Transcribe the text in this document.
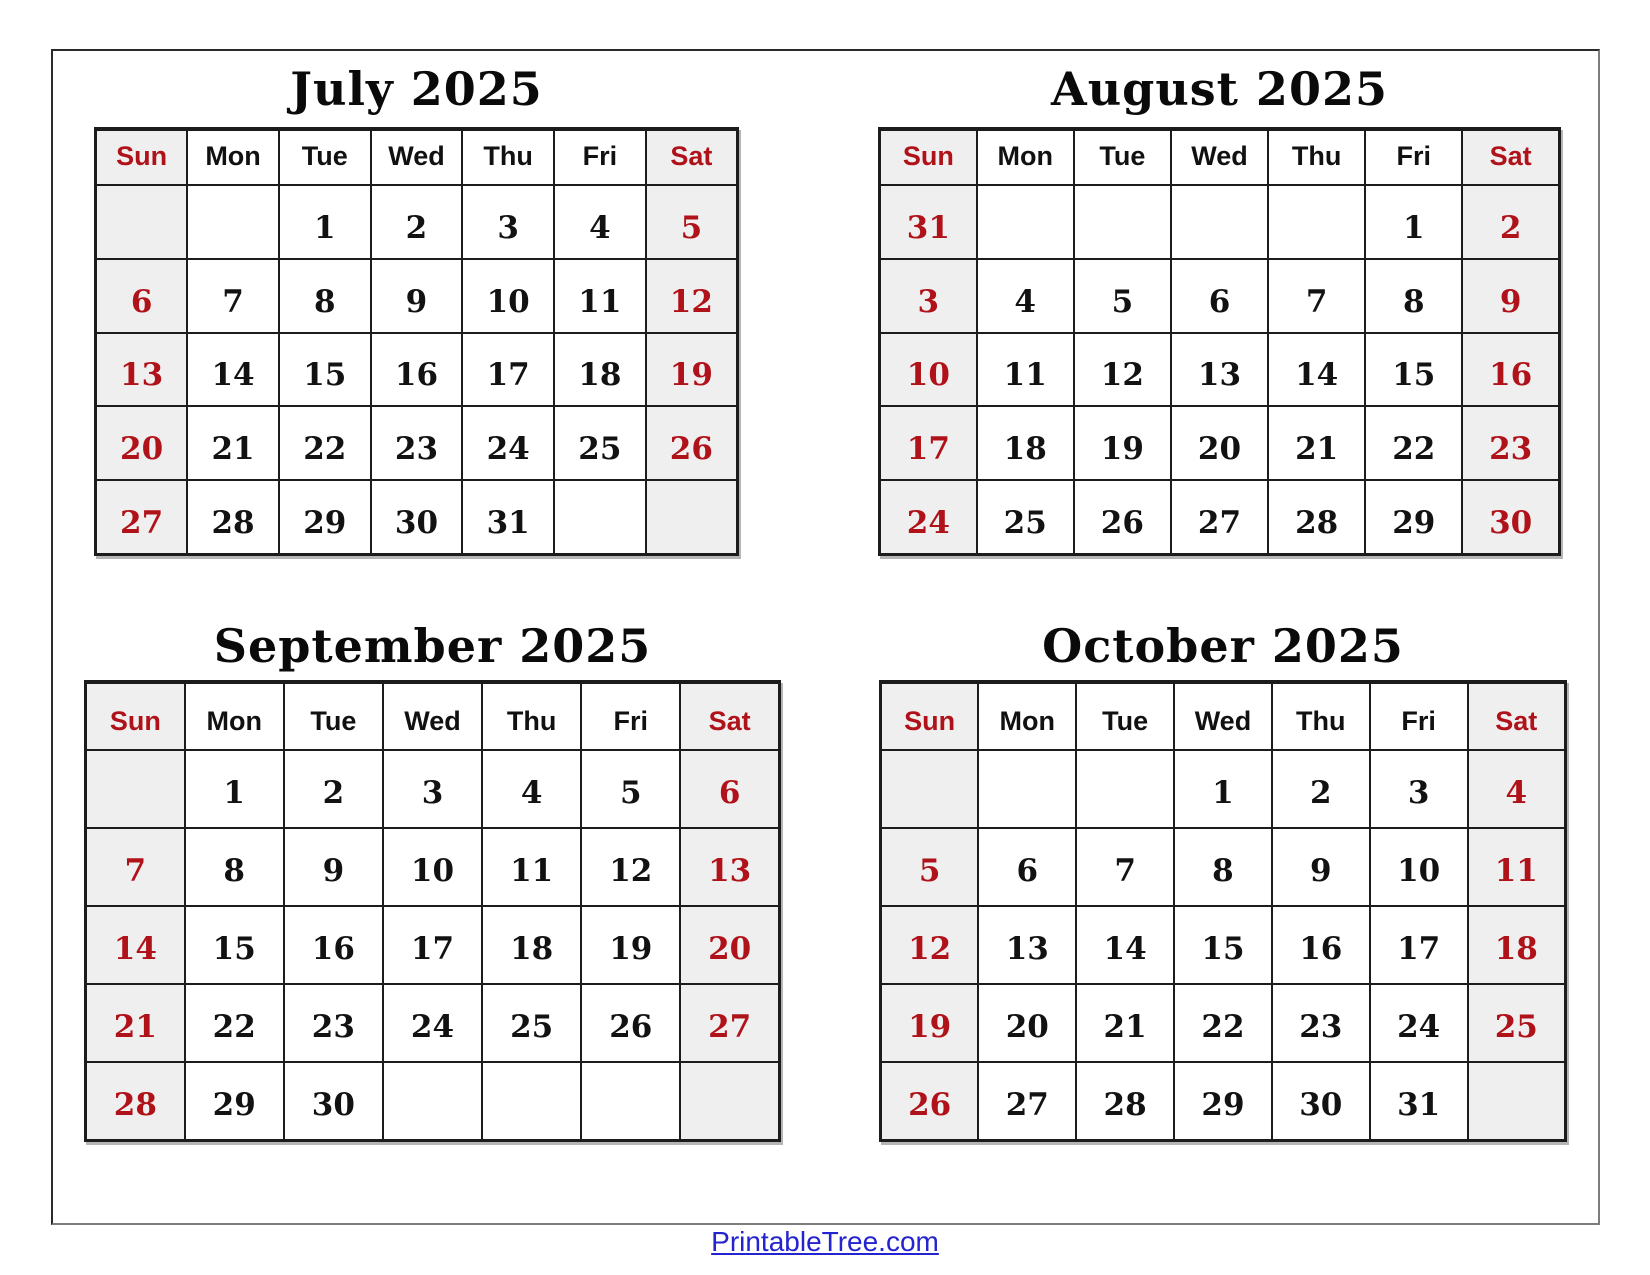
July 2025
Sun	Mon	Tue	Wed	Thu	Fri	Sat
		1	2	3	4	5
6	7	8	9	10	11	12
13	14	15	16	17	18	19
20	21	22	23	24	25	26
27	28	29	30	31		
August 2025
Sun	Mon	Tue	Wed	Thu	Fri	Sat
31					1	2
3	4	5	6	7	8	9
10	11	12	13	14	15	16
17	18	19	20	21	22	23
24	25	26	27	28	29	30
September 2025
Sun	Mon	Tue	Wed	Thu	Fri	Sat
	1	2	3	4	5	6
7	8	9	10	11	12	13
14	15	16	17	18	19	20
21	22	23	24	25	26	27
28	29	30				
October 2025
Sun	Mon	Tue	Wed	Thu	Fri	Sat
			1	2	3	4
5	6	7	8	9	10	11
12	13	14	15	16	17	18
19	20	21	22	23	24	25
26	27	28	29	30	31	
PrintableTree.com
